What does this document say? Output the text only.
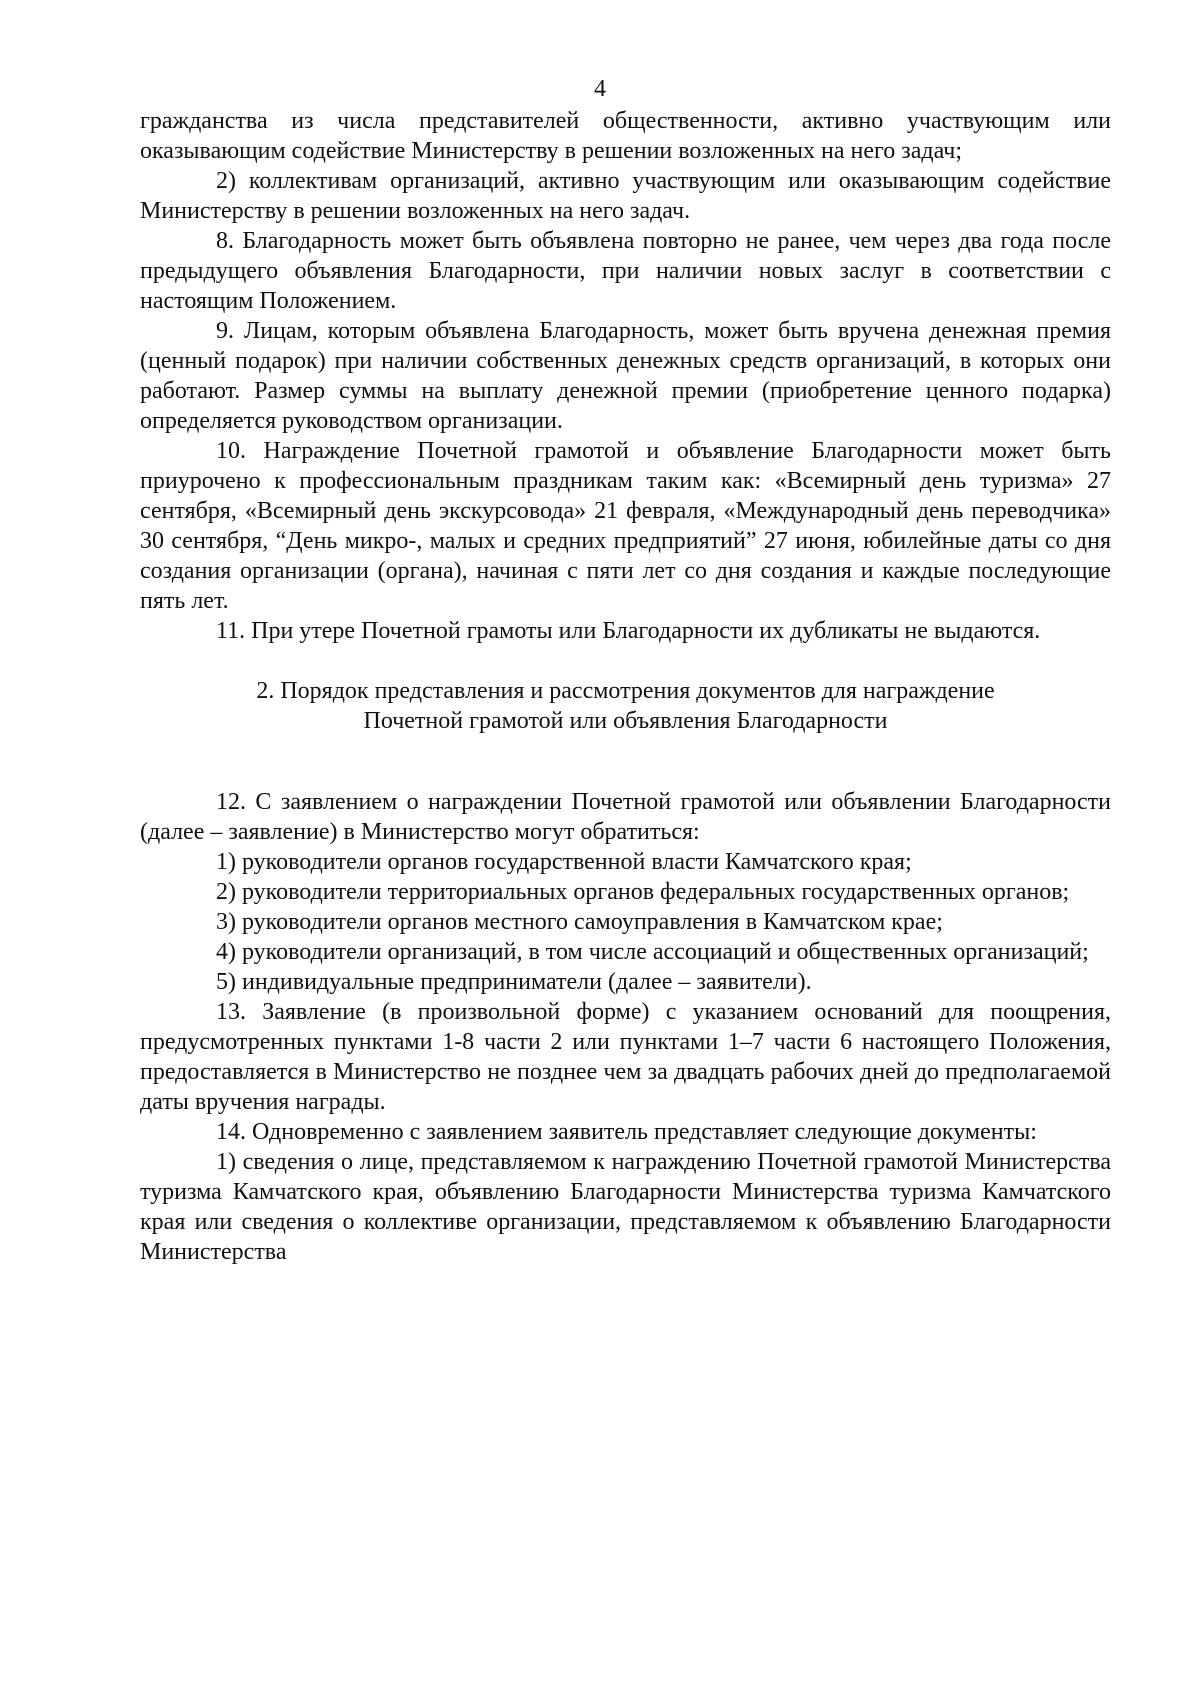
4

гражданства из числа представителей общественности, активно участвующим или оказывающим содействие Министерству в решении возложенных на него задач;

2) коллективам организаций, активно участвующим или оказывающим содействие Министерству в решении возложенных на него задач.

8. Благодарность может быть объявлена повторно не ранее, чем через два года после предыдущего объявления Благодарности, при наличии новых заслуг в соответствии с настоящим Положением.

9. Лицам, которым объявлена Благодарность, может быть вручена денежная премия (ценный подарок) при наличии собственных денежных средств организаций, в которых они работают. Размер суммы на выплату денежной премии (приобретение ценного подарка) определяется руководством организации.

10. Награждение Почетной грамотой и объявление Благодарности может быть приурочено к профессиональным праздникам таким как: «Всемирный день туризма» 27 сентября, «Всемирный день экскурсовода» 21 февраля, «Международный день переводчика» 30 сентября, “День микро-, малых и средних предприятий” 27 июня, юбилейные даты со дня создания организации (органа), начиная с пяти лет со дня создания и каждые последующие пять лет.

11. При утере Почетной грамоты или Благодарности их дубликаты не выдаются.

2. Порядок представления и рассмотрения документов для награждение
Почетной грамотой или объявления Благодарности

12. С заявлением о награждении Почетной грамотой или объявлении Благодарности (далее – заявление) в Министерство могут обратиться:

1) руководители органов государственной власти Камчатского края;

2) руководители территориальных органов федеральных государственных органов;

3) руководители органов местного самоуправления в Камчатском крае;

4) руководители организаций, в том числе ассоциаций и общественных организаций;

5) индивидуальные предприниматели (далее – заявители).

13. Заявление (в произвольной форме) с указанием оснований для поощрения, предусмотренных пунктами 1-8 части 2 или пунктами 1–7 части 6 настоящего Положения, предоставляется в Министерство не позднее чем за двадцать рабочих дней до предполагаемой даты вручения награды.

14. Одновременно с заявлением заявитель представляет следующие документы:

1) сведения о лице, представляемом к награждению Почетной грамотой Министерства туризма Камчатского края, объявлению Благодарности Министерства туризма Камчатского края или сведения о коллективе организации, представляемом к объявлению Благодарности Министерства
